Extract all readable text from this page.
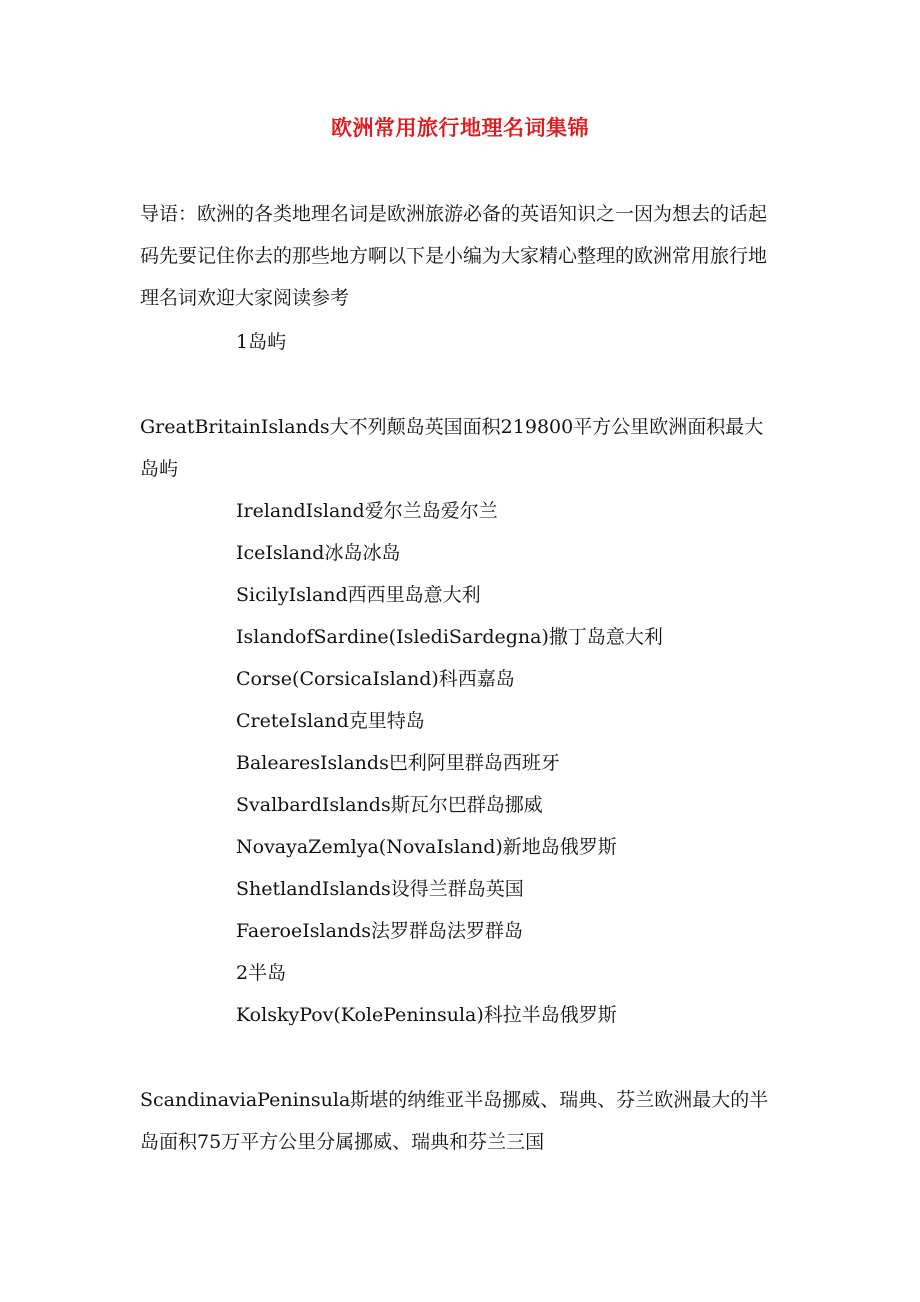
欧洲常用旅行地理名词集锦

导语：欧洲的各类地理名词是欧洲旅游必备的英语知识之一因为想去的话起码先要记住你去的那些地方啊以下是小编为大家精心整理的欧洲常用旅行地理名词欢迎大家阅读参考

1岛屿

GreatBritainIslands大不列颠岛英国面积219800平方公里欧洲面积最大岛屿

IrelandIsland爱尔兰岛爱尔兰

IceIsland冰岛冰岛

SicilyIsland西西里岛意大利

IslandofSardine(IslediSardegna)撒丁岛意大利

Corse(CorsicaIsland)科西嘉岛

CreteIsland克里特岛

BalearesIslands巴利阿里群岛西班牙

SvalbardIslands斯瓦尔巴群岛挪威

NovayaZemlya(NovaIsland)新地岛俄罗斯

ShetlandIslands设得兰群岛英国

FaeroeIslands法罗群岛法罗群岛

2半岛

KolskyPov(KolePeninsula)科拉半岛俄罗斯

ScandinaviaPeninsula斯堪的纳维亚半岛挪威、瑞典、芬兰欧洲最大的半岛面积75万平方公里分属挪威、瑞典和芬兰三国
